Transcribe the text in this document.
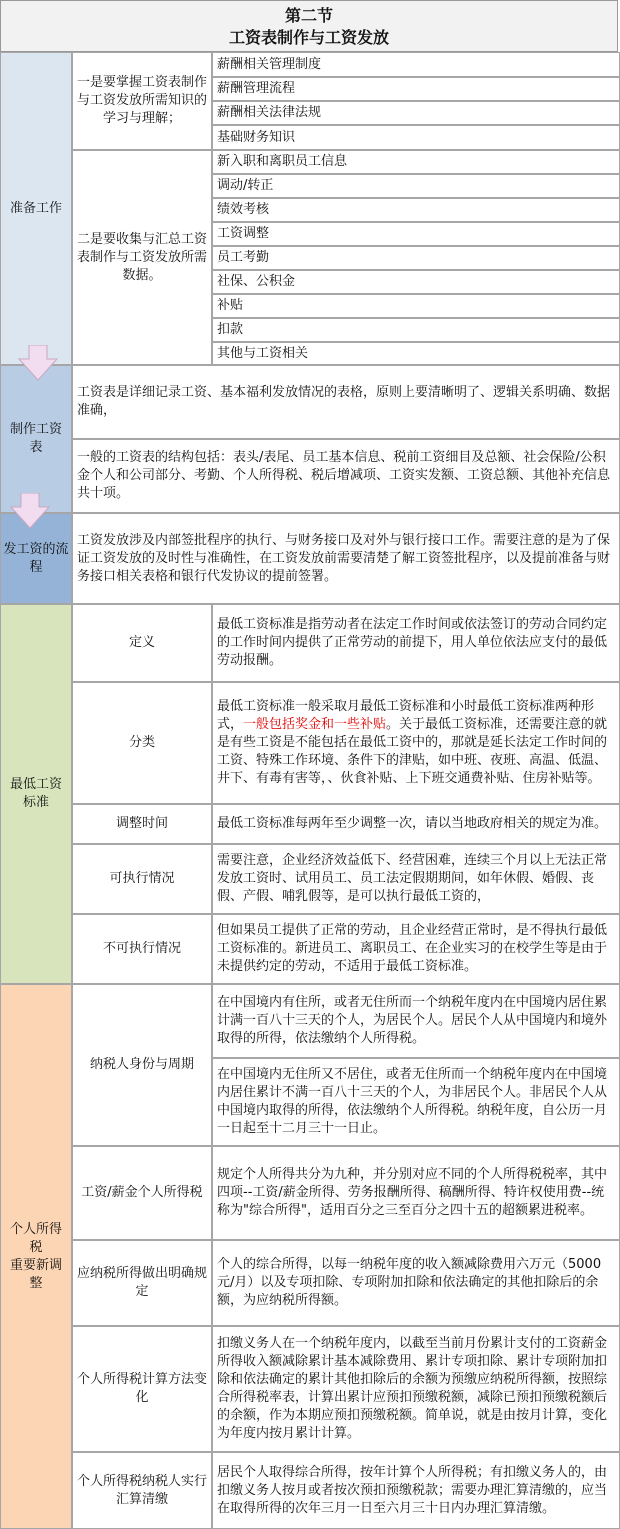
第二节
工资表制作与工资发放
准备工作
一是要掌握工资表制作与工资发放所需知识的学习与理解；
薪酬相关管理制度
薪酬管理流程
薪酬相关法律法规
基础财务知识
二是要收集与汇总工资表制作与工资发放所需数据。
新入职和离职员工信息
调动/转正
绩效考核
工资调整
员工考勤
社保、公积金
补贴
扣款
其他与工资相关
制作工资表
工资表是详细记录工资、基本福利发放情况的表格，原则上要清晰明了、逻辑关系明确、数据准确，
一般的工资表的结构包括：表头/表尾、员工基本信息、税前工资细目及总额、社会保险/公积金个人和公司部分、考勤、个人所得税、税后增减项、工资实发额、工资总额、其他补充信息共十项。
发工资的流程
工资发放涉及内部签批程序的执行、与财务接口及对外与银行接口工作。需要注意的是为了保证工资发放的及时性与准确性，在工资发放前需要清楚了解工资签批程序，以及提前准备与财务接口相关表格和银行代发协议的提前签署。
最低工资标准
定义
最低工资标准是指劳动者在法定工作时间或依法签订的劳动合同约定的工作时间内提供了正常劳动的前提下，用人单位依法应支付的最低劳动报酬。
分类
最低工资标准一般采取月最低工资标准和小时最低工资标准两种形式，一般包括奖金和一些补贴。关于最低工资标准，还需要注意的就是有些工资是不能包括在最低工资中的，那就是延长法定工作时间的工资、特殊工作环境、条件下的津贴，如中班、夜班、高温、低温、井下、有毒有害等，、伙食补贴、上下班交通费补贴、住房补贴等。
调整时间	最低工资标准每两年至少调整一次，请以当地政府相关的规定为准。
可执行情况
需要注意，企业经济效益低下、经营困难，连续三个月以上无法正常发放工资时、试用员工、员工法定假期期间，如年休假、婚假、丧假、产假、哺乳假等，是可以执行最低工资的，
不可执行情况
但如果员工提供了正常的劳动，且企业经营正常时，是不得执行最低工资标准的。新进员工、离职员工、在企业实习的在校学生等是由于未提供约定的劳动，不适用于最低工资标准。
个人所得税
重要新调整
纳税人身份与周期
在中国境内有住所，或者无住所而一个纳税年度内在中国境内居住累计满一百八十三天的个人，为居民个人。居民个人从中国境内和境外取得的所得，依法缴纳个人所得税。
在中国境内无住所又不居住，或者无住所而一个纳税年度内在中国境内居住累计不满一百八十三天的个人，为非居民个人。非居民个人从中国境内取得的所得，依法缴纳个人所得税。纳税年度，自公历一月一日起至十二月三十一日止。
工资/薪金个人所得税
规定个人所得共分为九种，并分别对应不同的个人所得税税率，其中四项--工资/薪金所得、劳务报酬所得、稿酬所得、特许权使用费--统称为"综合所得"，适用百分之三至百分之四十五的超额累进税率。
应纳税所得做出明确规定
个人的综合所得，以每一纳税年度的收入额减除费用六万元（5000元/月）以及专项扣除、专项附加扣除和依法确定的其他扣除后的余额，为应纳税所得额。
个人所得税计算方法变化
扣缴义务人在一个纳税年度内，以截至当前月份累计支付的工资薪金所得收入额减除累计基本减除费用、累计专项扣除、累计专项附加扣除和依法确定的累计其他扣除后的余额为预缴应纳税所得额，按照综合所得税率表，计算出累计应预扣预缴税额，减除已预扣预缴税额后的余额，作为本期应预扣预缴税额。简单说，就是由按月计算，变化为年度内按月累计计算。
个人所得税纳税人实行汇算清缴
居民个人取得综合所得，按年计算个人所得税；有扣缴义务人的，由扣缴义务人按月或者按次预扣预缴税款；需要办理汇算清缴的，应当在取得所得的次年三月一日至六月三十日内办理汇算清缴。
